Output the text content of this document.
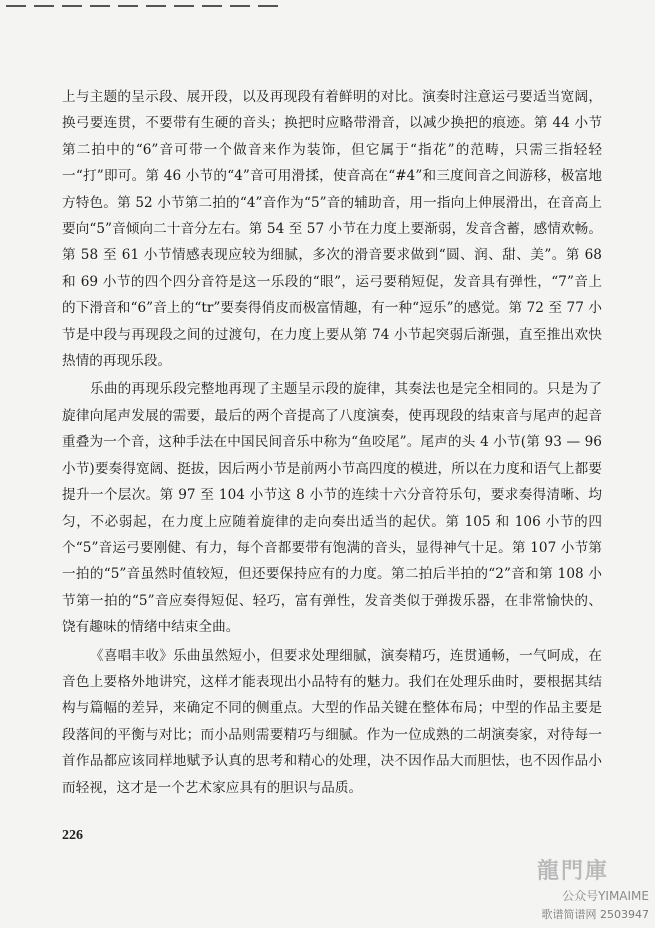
上与主题的呈示段、展开段，以及再现段有着鲜明的对比。演奏时注意运弓要适当宽阔，换弓要连贯，不要带有生硬的音头；换把时应略带滑音，以减少换把的痕迹。第 44 小节第二拍中的“6”音可带一个做音来作为装饰，但它属于“指花”的范畴，只需三指轻轻一“打”即可。第 46 小节的“4”音可用滑揉，使音高在“#4”和三度间音之间游移，极富地方特色。第 52 小节第二拍的“4”音作为“5”音的辅助音，用一指向上伸展滑出，在音高上要向“5”音倾向二十音分左右。第 54 至 57 小节在力度上要渐弱，发音含蓄，感情欢畅。第 58 至 61 小节情感表现应较为细腻，多次的滑音要求做到“圆、润、甜、美”。第 68 和 69 小节的四个四分音符是这一乐段的“眼”，运弓要稍短促，发音具有弹性，“7”音上的下滑音和“6”音上的“tr”要奏得俏皮而极富情趣，有一种“逗乐”的感觉。第 72 至 77 小节是中段与再现段之间的过渡句，在力度上要从第 74 小节起突弱后渐强，直至推出欢快热情的再现乐段。

乐曲的再现乐段完整地再现了主题呈示段的旋律，其奏法也是完全相同的。只是为了旋律向尾声发展的需要，最后的两个音提高了八度演奏，使再现段的结束音与尾声的起音重叠为一个音，这种手法在中国民间音乐中称为“鱼咬尾”。尾声的头 4 小节(第 93 — 96 小节)要奏得宽阔、挺拔，因后两小节是前两小节高四度的模进，所以在力度和语气上都要提升一个层次。第 97 至 104 小节这 8 小节的连续十六分音符乐句，要求奏得清晰、均匀，不必弱起，在力度上应随着旋律的走向奏出适当的起伏。第 105 和 106 小节的四个“5”音运弓要刚健、有力，每个音都要带有饱满的音头，显得神气十足。第 107 小节第一拍的“5”音虽然时值较短，但还要保持应有的力度。第二拍后半拍的“2”音和第 108 小节第一拍的“5”音应奏得短促、轻巧，富有弹性，发音类似于弹拨乐器，在非常愉快的、饶有趣味的情绪中结束全曲。

《喜唱丰收》乐曲虽然短小，但要求处理细腻，演奏精巧，连贯通畅，一气呵成，在音色上要格外地讲究，这样才能表现出小品特有的魅力。我们在处理乐曲时，要根据其结构与篇幅的差异，来确定不同的侧重点。大型的作品关键在整体布局；中型的作品主要是段落间的平衡与对比；而小品则需要精巧与细腻。作为一位成熟的二胡演奏家，对待每一首作品都应该同样地赋予认真的思考和精心的处理，决不因作品大而胆怯，也不因作品小而轻视，这才是一个艺术家应具有的胆识与品质。

226
龍門庫
公众号YIMAIME
歌谱简谱网 2503947
